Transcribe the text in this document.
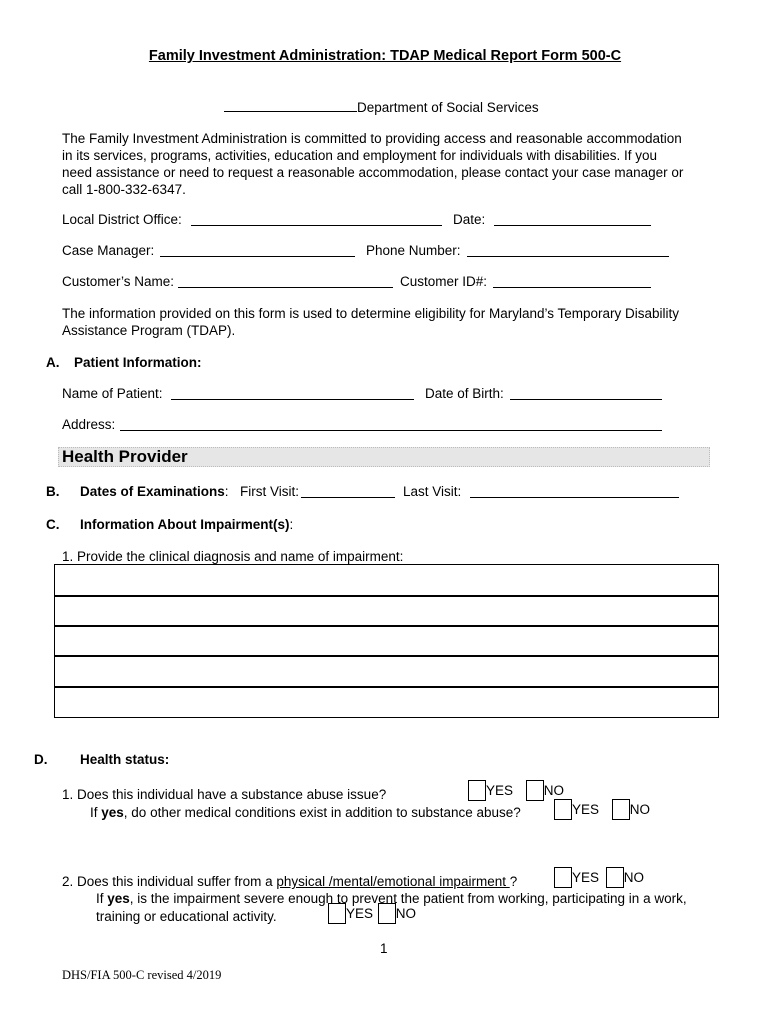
Family Investment Administration: TDAP Medical Report Form 500-C
Department of Social Services
The Family Investment Administration is committed to providing access and reasonable accommodation
in its services, programs, activities, education and employment for individuals with disabilities. If you
need assistance or need to request a reasonable accommodation, please contact your case manager or
call 1-800-332-6347.
Local District Office:	Date:
Case Manager:	Phone Number:
Customer’s Name:	Customer ID#:
The information provided on this form is used to determine eligibility for Maryland’s Temporary Disability
Assistance Program (TDAP).
A. Patient Information:
Name of Patient:	Date of Birth:
Address:
Health Provider
B. Dates of Examinations: First Visit:	Last Visit:
C. Information About Impairment(s):
1. Provide the clinical diagnosis and name of impairment:
D. Health status:
1. Does this individual have a substance abuse issue?	YES NO
If yes, do other medical conditions exist in addition to substance abuse?	YES NO
2. Does this individual suffer from a physical /mental/emotional impairment ?	YES NO
If yes, is the impairment severe enough to prevent the patient from working, participating in a work,
training or educational activity.	YES NO
1
DHS/FIA 500-C revised 4/2019
